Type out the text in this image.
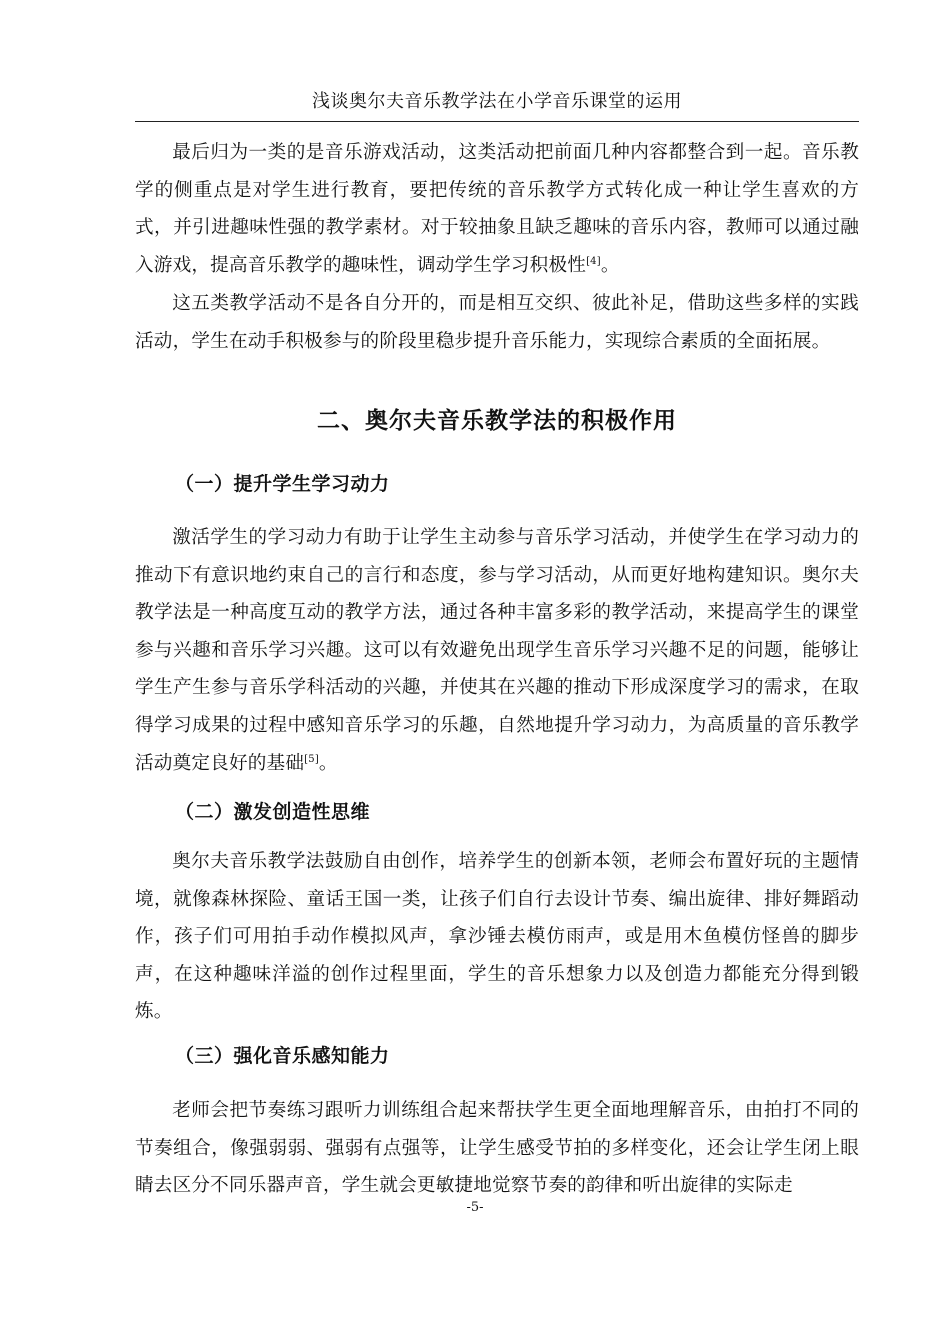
浅谈奥尔夫音乐教学法在小学音乐课堂的运用

最后归为一类的是音乐游戏活动，这类活动把前面几种内容都整合到一起。音乐教学的侧重点是对学生进行教育，要把传统的音乐教学方式转化成一种让学生喜欢的方式，并引进趣味性强的教学素材。对于较抽象且缺乏趣味的音乐内容，教师可以通过融入游戏，提高音乐教学的趣味性，调动学生学习积极性[4]。

这五类教学活动不是各自分开的，而是相互交织、彼此补足，借助这些多样的实践活动，学生在动手积极参与的阶段里稳步提升音乐能力，实现综合素质的全面拓展。

二、奥尔夫音乐教学法的积极作用
（一）提升学生学习动力

激活学生的学习动力有助于让学生主动参与音乐学习活动，并使学生在学习动力的推动下有意识地约束自己的言行和态度，参与学习活动，从而更好地构建知识。奥尔夫教学法是一种高度互动的教学方法，通过各种丰富多彩的教学活动，来提高学生的课堂参与兴趣和音乐学习兴趣。这可以有效避免出现学生音乐学习兴趣不足的问题，能够让学生产生参与音乐学科活动的兴趣，并使其在兴趣的推动下形成深度学习的需求，在取得学习成果的过程中感知音乐学习的乐趣，自然地提升学习动力，为高质量的音乐教学活动奠定良好的基础[5]。

（二）激发创造性思维

奥尔夫音乐教学法鼓励自由创作，培养学生的创新本领，老师会布置好玩的主题情境，就像森林探险、童话王国一类，让孩子们自行去设计节奏、编出旋律、排好舞蹈动作，孩子们可用拍手动作模拟风声，拿沙锤去模仿雨声，或是用木鱼模仿怪兽的脚步声，在这种趣味洋溢的创作过程里面，学生的音乐想象力以及创造力都能充分得到锻炼。

（三）强化音乐感知能力

老师会把节奏练习跟听力训练组合起来帮扶学生更全面地理解音乐，由拍打不同的节奏组合，像强弱弱、强弱有点强等，让学生感受节拍的多样变化，还会让学生闭上眼睛去区分不同乐器声音，学生就会更敏捷地觉察节奏的韵律和听出旋律的实际走

-5-
